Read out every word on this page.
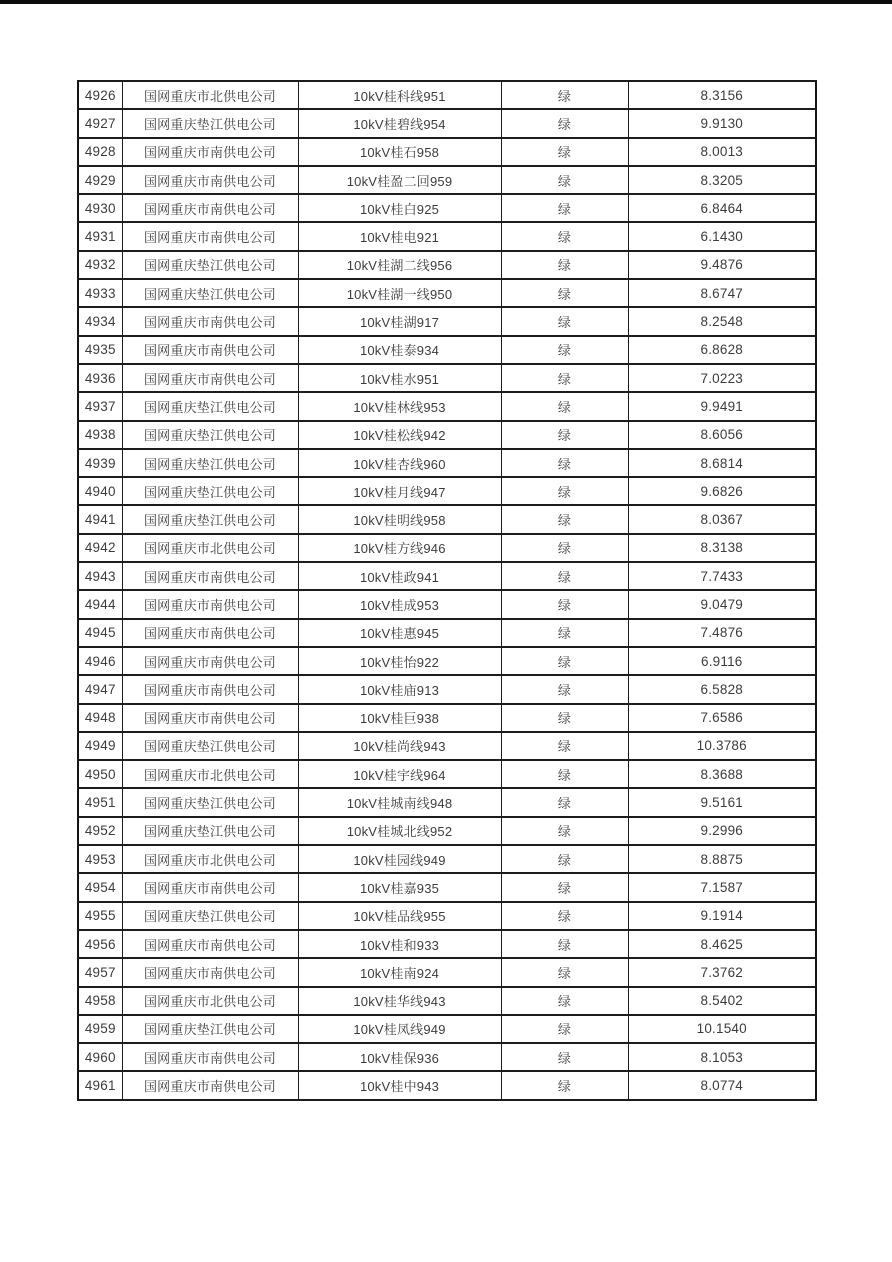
4926	国网重庆市北供电公司	10kV桂科线951	绿	8.3156
4927	国网重庆垫江供电公司	10kV桂碧线954	绿	9.9130
4928	国网重庆市南供电公司	10kV桂石958	绿	8.0013
4929	国网重庆市南供电公司	10kV桂盈二回959	绿	8.3205
4930	国网重庆市南供电公司	10kV桂白925	绿	6.8464
4931	国网重庆市南供电公司	10kV桂电921	绿	6.1430
4932	国网重庆垫江供电公司	10kV桂湖二线956	绿	9.4876
4933	国网重庆垫江供电公司	10kV桂湖一线950	绿	8.6747
4934	国网重庆市南供电公司	10kV桂湖917	绿	8.2548
4935	国网重庆市南供电公司	10kV桂泰934	绿	6.8628
4936	国网重庆市南供电公司	10kV桂水951	绿	7.0223
4937	国网重庆垫江供电公司	10kV桂林线953	绿	9.9491
4938	国网重庆垫江供电公司	10kV桂松线942	绿	8.6056
4939	国网重庆垫江供电公司	10kV桂杏线960	绿	8.6814
4940	国网重庆垫江供电公司	10kV桂月线947	绿	9.6826
4941	国网重庆垫江供电公司	10kV桂明线958	绿	8.0367
4942	国网重庆市北供电公司	10kV桂方线946	绿	8.3138
4943	国网重庆市南供电公司	10kV桂政941	绿	7.7433
4944	国网重庆市南供电公司	10kV桂成953	绿	9.0479
4945	国网重庆市南供电公司	10kV桂惠945	绿	7.4876
4946	国网重庆市南供电公司	10kV桂怡922	绿	6.9116
4947	国网重庆市南供电公司	10kV桂庙913	绿	6.5828
4948	国网重庆市南供电公司	10kV桂巨938	绿	7.6586
4949	国网重庆垫江供电公司	10kV桂尚线943	绿	10.3786
4950	国网重庆市北供电公司	10kV桂宇线964	绿	8.3688
4951	国网重庆垫江供电公司	10kV桂城南线948	绿	9.5161
4952	国网重庆垫江供电公司	10kV桂城北线952	绿	9.2996
4953	国网重庆市北供电公司	10kV桂园线949	绿	8.8875
4954	国网重庆市南供电公司	10kV桂嘉935	绿	7.1587
4955	国网重庆垫江供电公司	10kV桂品线955	绿	9.1914
4956	国网重庆市南供电公司	10kV桂和933	绿	8.4625
4957	国网重庆市南供电公司	10kV桂南924	绿	7.3762
4958	国网重庆市北供电公司	10kV桂华线943	绿	8.5402
4959	国网重庆垫江供电公司	10kV桂凤线949	绿	10.1540
4960	国网重庆市南供电公司	10kV桂保936	绿	8.1053
4961	国网重庆市南供电公司	10kV桂中943	绿	8.0774
